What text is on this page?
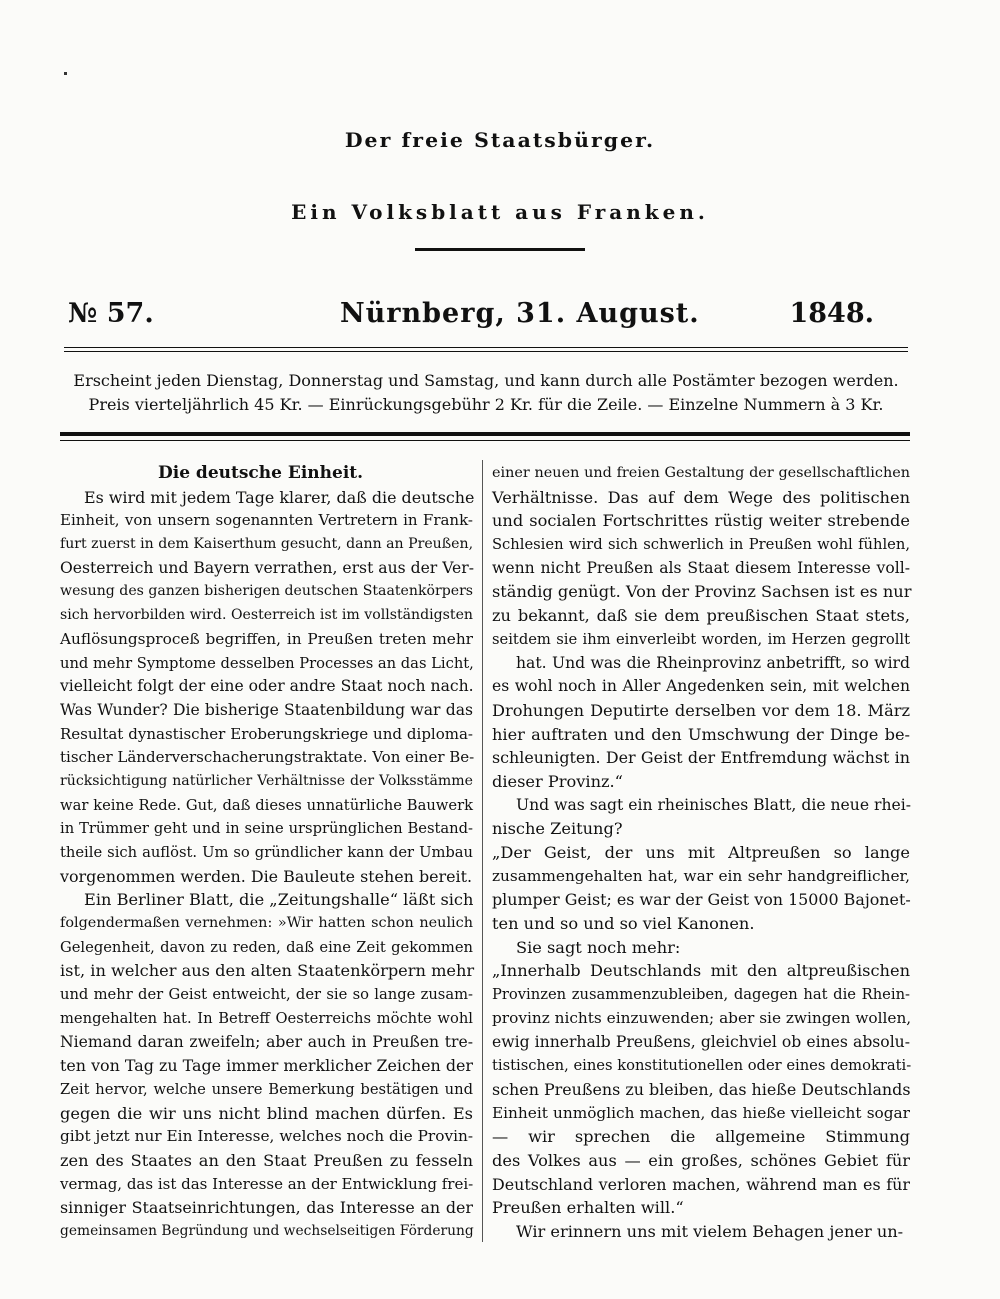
Der freie Staatsbürger.
Ein Volksblatt aus Franken.
№ 57.	Nürnberg, 31. August.	1848.
Erscheint jeden Dienstag, Donnerstag und Samstag, und kann durch alle Postämter bezogen werden.
Preis vierteljährlich 45 Kr. — Einrückungsgebühr 2 Kr. für die Zeile. — Einzelne Nummern à 3 Kr.
Die deutsche Einheit.
Es wird mit jedem Tage klarer, daß die deutsche
Einheit, von unsern sogenannten Vertretern in Frank-
furt zuerst in dem Kaiserthum gesucht, dann an Preußen,
Oesterreich und Bayern verrathen, erst aus der Ver-
wesung des ganzen bisherigen deutschen Staatenkörpers
sich hervorbilden wird. Oesterreich ist im vollständigsten
Auflösungsproceß begriffen, in Preußen treten mehr
und mehr Symptome desselben Processes an das Licht,
vielleicht folgt der eine oder andre Staat noch nach.
Was Wunder? Die bisherige Staatenbildung war das
Resultat dynastischer Eroberungskriege und diploma-
tischer Länderverschacherungstraktate. Von einer Be-
rücksichtigung natürlicher Verhältnisse der Volksstämme
war keine Rede. Gut, daß dieses unnatürliche Bauwerk
in Trümmer geht und in seine ursprünglichen Bestand-
theile sich auflöst. Um so gründlicher kann der Umbau
vorgenommen werden. Die Bauleute stehen bereit.
Ein Berliner Blatt, die „Zeitungshalle“ läßt sich
folgendermaßen vernehmen: »Wir hatten schon neulich
Gelegenheit, davon zu reden, daß eine Zeit gekommen
ist, in welcher aus den alten Staatenkörpern mehr
und mehr der Geist entweicht, der sie so lange zusam-
mengehalten hat. In Betreff Oesterreichs möchte wohl
Niemand daran zweifeln; aber auch in Preußen tre-
ten von Tag zu Tage immer merklicher Zeichen der
Zeit hervor, welche unsere Bemerkung bestätigen und
gegen die wir uns nicht blind machen dürfen. Es
gibt jetzt nur Ein Interesse, welches noch die Provin-
zen des Staates an den Staat Preußen zu fesseln
vermag, das ist das Interesse an der Entwicklung frei-
sinniger Staatseinrichtungen, das Interesse an der
gemeinsamen Begründung und wechselseitigen Förderung
einer neuen und freien Gestaltung der gesellschaftlichen
Verhältnisse. Das auf dem Wege des politischen
und socialen Fortschrittes rüstig weiter strebende
Schlesien wird sich schwerlich in Preußen wohl fühlen,
wenn nicht Preußen als Staat diesem Interesse voll-
ständig genügt. Von der Provinz Sachsen ist es nur
zu bekannt, daß sie dem preußischen Staat stets,
seitdem sie ihm einverleibt worden, im Herzen gegrollt
hat. Und was die Rheinprovinz anbetrifft, so wird
es wohl noch in Aller Angedenken sein, mit welchen
Drohungen Deputirte derselben vor dem 18. März
hier auftraten und den Umschwung der Dinge be-
schleunigten. Der Geist der Entfremdung wächst in
dieser Provinz.“
Und was sagt ein rheinisches Blatt, die neue rhei-
nische Zeitung?
„Der Geist, der uns mit Altpreußen so lange
zusammengehalten hat, war ein sehr handgreiflicher,
plumper Geist; es war der Geist von 15000 Bajonet-
ten und so und so viel Kanonen.
Sie sagt noch mehr:
„Innerhalb Deutschlands mit den altpreußischen
Provinzen zusammenzubleiben, dagegen hat die Rhein-
provinz nichts einzuwenden; aber sie zwingen wollen,
ewig innerhalb Preußens, gleichviel ob eines absolu-
tistischen, eines konstitutionellen oder eines demokrati-
schen Preußens zu bleiben, das hieße Deutschlands
Einheit unmöglich machen, das hieße vielleicht sogar
— wir sprechen die allgemeine Stimmung
des Volkes aus — ein großes, schönes Gebiet für
Deutschland verloren machen, während man es für
Preußen erhalten will.“
Wir erinnern uns mit vielem Behagen jener un-
